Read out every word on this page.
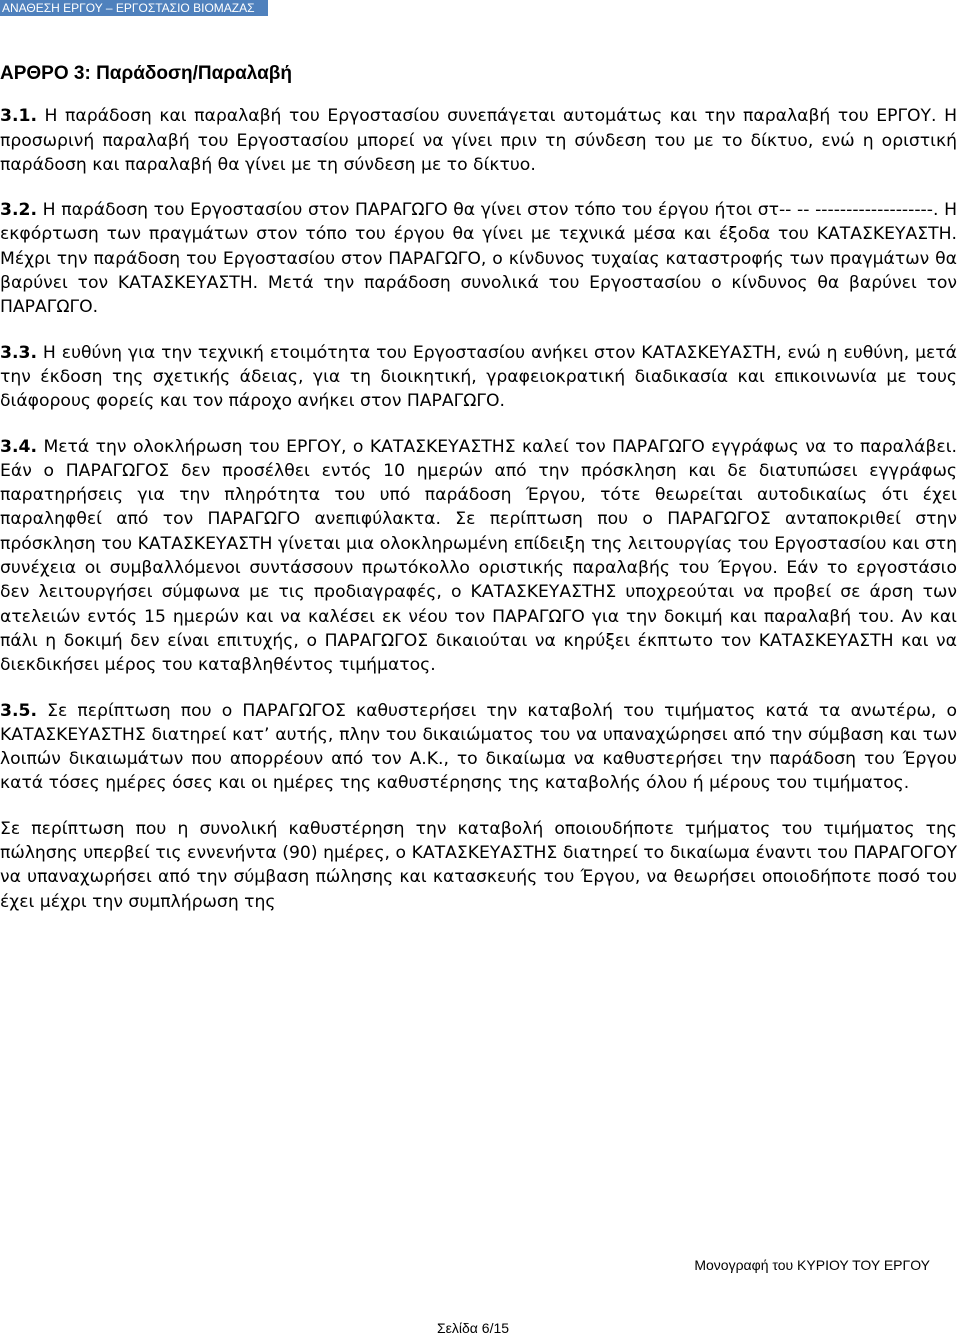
ΑΝΑΘΕΣΗ ΕΡΓΟΥ – ΕΡΓΟΣΤΑΣΙΟ ΒΙΟΜΑΖΑΣ

ΑΡΘΡΟ 3: Παράδοση/Παραλαβή

3.1. Η παράδοση και παραλαβή του Εργοστασίου συνεπάγεται αυτομάτως και την παραλαβή του ΕΡΓΟΥ. Η προσωρινή παραλαβή του Εργοστασίου μπορεί να γίνει πριν τη σύνδεση του με το δίκτυο, ενώ η οριστική παράδοση και παραλαβή θα γίνει με τη σύνδεση με το δίκτυο.

3.2. Η παράδοση του Εργοστασίου στον ΠΑΡΑΓΩΓΟ θα γίνει στον τόπο του έργου ήτοι στ-- -- -------------------. Η εκφόρτωση των πραγμάτων στον τόπο του έργου θα γίνει με τεχνικά μέσα και έξοδα του ΚΑΤΑΣΚΕΥΑΣΤΗ. Μέχρι την παράδοση του Εργοστασίου στον ΠΑΡΑΓΩΓΟ, ο κίνδυνος τυχαίας καταστροφής των πραγμάτων θα βαρύνει τον ΚΑΤΑΣΚΕΥΑΣΤΗ. Μετά την παράδοση συνολικά του Εργοστασίου ο κίνδυνος θα βαρύνει τον ΠΑΡΑΓΩΓΟ.

3.3. Η ευθύνη για την τεχνική ετοιμότητα του Εργοστασίου ανήκει στον ΚΑΤΑΣΚΕΥΑΣΤΗ, ενώ η ευθύνη, μετά την έκδοση της σχετικής άδειας, για τη διοικητική, γραφειοκρατική διαδικασία και επικοινωνία με τους διάφορους φορείς και τον πάροχο ανήκει στον ΠΑΡΑΓΩΓΟ.

3.4. Μετά την ολοκλήρωση του ΕΡΓΟΥ, ο ΚΑΤΑΣΚΕΥΑΣΤΗΣ καλεί τον ΠΑΡΑΓΩΓΟ εγγράφως να το παραλάβει. Εάν ο ΠΑΡΑΓΩΓΟΣ δεν προσέλθει εντός 10 ημερών από την πρόσκληση και δε διατυπώσει εγγράφως παρατηρήσεις για την πληρότητα του υπό παράδοση Έργου, τότε θεωρείται αυτοδικαίως ότι έχει παραληφθεί από τον ΠΑΡΑΓΩΓΟ ανεπιφύλακτα. Σε περίπτωση που ο ΠΑΡΑΓΩΓΟΣ ανταποκριθεί στην πρόσκληση του ΚΑΤΑΣΚΕΥΑΣΤΗ γίνεται μια ολοκληρωμένη επίδειξη της λειτουργίας του Εργοστασίου και στη συνέχεια οι συμβαλλόμενοι συντάσσουν πρωτόκολλο οριστικής παραλαβής του Έργου. Εάν το εργοστάσιο δεν λειτουργήσει σύμφωνα με τις προδιαγραφές, ο ΚΑΤΑΣΚΕΥΑΣΤΗΣ υποχρεούται να προβεί σε άρση των ατελειών εντός 15 ημερών και να καλέσει εκ νέου τον ΠΑΡΑΓΩΓΟ για την δοκιμή και παραλαβή του. Αν και πάλι η δοκιμή δεν είναι επιτυχής, ο ΠΑΡΑΓΩΓΟΣ δικαιούται να κηρύξει έκπτωτο τον ΚΑΤΑΣΚΕΥΑΣΤΗ και να διεκδικήσει μέρος του καταβληθέντος τιμήματος.

3.5. Σε περίπτωση που ο ΠΑΡΑΓΩΓΟΣ καθυστερήσει την καταβολή του τιμήματος κατά τα ανωτέρω, ο ΚΑΤΑΣΚΕΥΑΣΤΗΣ διατηρεί κατ’ αυτής, πλην του δικαιώματος του να υπαναχώρησει από την σύμβαση και των λοιπών δικαιωμάτων που απορρέουν από τον Α.Κ., το δικαίωμα να καθυστερήσει την παράδοση του Έργου κατά τόσες ημέρες όσες και οι ημέρες της καθυστέρησης της καταβολής όλου ή μέρους του τιμήματος.

Σε περίπτωση που η συνολική καθυστέρηση την καταβολή οποιουδήποτε τμήματος του τιμήματος της πώλησης υπερβεί τις εννενήντα (90) ημέρες, ο ΚΑΤΑΣΚΕΥΑΣΤΗΣ διατηρεί το δικαίωμα έναντι του ΠΑΡΑΓΟΓΟΥ να υπαναχωρήσει από την σύμβαση πώλησης και κατασκευής του Έργου, να θεωρήσει οποιοδήποτε ποσό του έχει μέχρι την συμπλήρωση της

Μονογραφή του ΚΥΡΙΟΥ ΤΟΥ ΕΡΓΟΥ
Σελίδα 6/15
